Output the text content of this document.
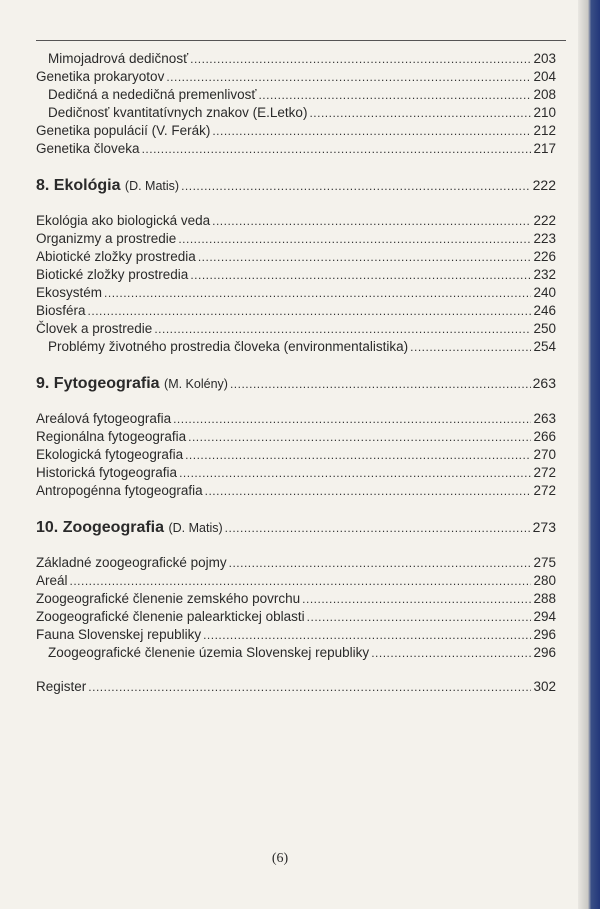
Mimojadrová dedičnosť .....	203
Genetika prokaryotov .....	204
Dedičná a nededičná premenlivosť .....	208
Dedičnosť kvantitatívnych znakov (E.Letko) .....	210
Genetika populácií (V. Ferák) .....	212
Genetika človeka .....	217
8. Ekológia (D. Matis) .....	222
Ekológia ako biologická veda .....	222
Organizmy a prostredie .....	223
Abiotické zložky prostredia .....	226
Biotické zložky prostredia .....	232
Ekosystém .....	240
Biosféra .....	246
Človek a prostredie .....	250
Problémy životného prostredia človeka (environmentalistika) .....	254
9. Fytogeografia (M. Kolény) .....	263
Areálová fytogeografia .....	263
Regionálna fytogeografia .....	266
Ekologická fytogeografia .....	270
Historická fytogeografia .....	272
Antropogénna fytogeografia .....	272
10. Zoogeografia (D. Matis) .....	273
Základné zoogeografické pojmy .....	275
Areál .....	280
Zoogeografické členenie zemského povrchu .....	288
Zoogeografické členenie palearktickej oblasti .....	294
Fauna Slovenskej republiky .....	296
Zoogeografické členenie územia Slovenskej republiky .....	296
Register .....	302
(6)
